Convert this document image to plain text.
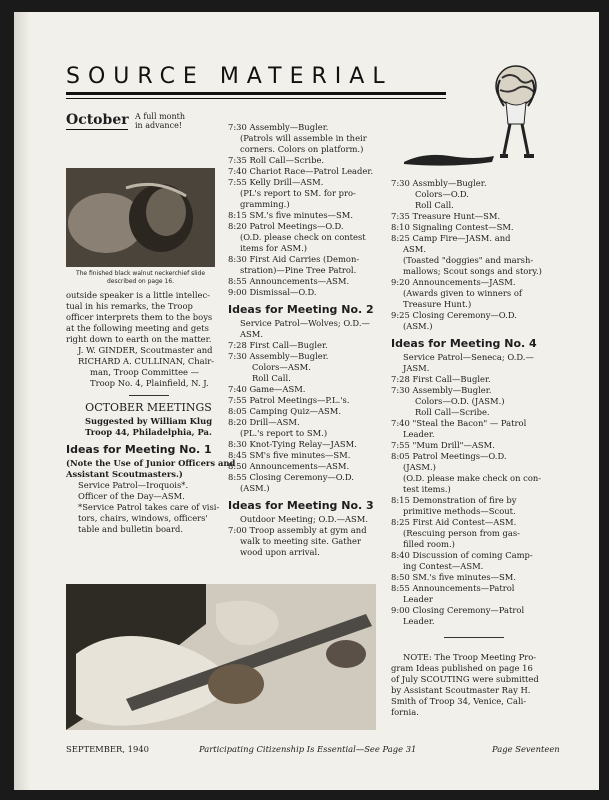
SOURCE MATERIAL
October A full month
in advance!
The finished black walnut neckerchief slide
described on page 16.
outside speaker is a little intellec-
tual in his remarks, the Troop
officer interprets them to the boys
at the following meeting and gets
right down to earth on the matter.
J. W. GINDER, Scoutmaster and
RICHARD A. CULLINAN, Chair-
man, Troop Committee —
Troop No. 4, Plainfield, N. J.
OCTOBER MEETINGS
Suggested by William Klug
Troop 44, Philadelphia, Pa.
Ideas for Meeting No. 1
(Note the Use of Junior Officers and
Assistant Scoutmasters.)
Service Patrol—Iroquois*.
Officer of the Day—ASM.
*Service Patrol takes care of visi-
tors, chairs, windows, officers'
table and bulletin board.
7:30 Assembly—Bugler.
(Patrols will assemble in their
corners. Colors on platform.)
7:35 Roll Call—Scribe.
7:40 Chariot Race—Patrol Leader.
7:55 Kelly Drill—ASM.
(PL's report to SM. for pro-
gramming.)
8:15 SM.'s five minutes—SM.
8:20 Patrol Meetings—O.D.
(O.D. please check on contest
items for ASM.)
8:30 First Aid Carries (Demon-
stration)—Pine Tree Patrol.
8:55 Announcements—ASM.
9:00 Dismissal—O.D.
Ideas for Meeting No. 2
Service Patrol—Wolves; O.D.—
ASM.
7:28 First Call—Bugler.
7:30 Assembly—Bugler.
Colors—ASM.
Roll Call.
7:40 Game—ASM.
7:55 Patrol Meetings—P.L.'s.
8:05 Camping Quiz—ASM.
8:20 Drill—ASM.
(PL.'s report to SM.)
8:30 Knot-Tying Relay—JASM.
8:45 SM's five minutes—SM.
8:50 Announcements—ASM.
8:55 Closing Ceremony—O.D.
(ASM.)
Ideas for Meeting No. 3
Outdoor Meeting; O.D.—ASM.
7:00 Troop assembly at gym and
walk to meeting site. Gather
wood upon arrival.
7:30 Assmbly—Bugler.
Colors—O.D.
Roll Call.
7:35 Treasure Hunt—SM.
8:10 Signaling Contest—SM.
8:25 Camp Fire—JASM. and
ASM.
(Toasted "doggies" and marsh-
mallows; Scout songs and story.)
9:20 Announcements—JASM.
(Awards given to winners of
Treasure Hunt.)
9:25 Closing Ceremony—O.D.
(ASM.)
Ideas for Meeting No. 4
Service Patrol—Seneca; O.D.—
JASM.
7:28 First Call—Bugler.
7:30 Assembly—Bugler.
Colors—O.D. (JASM.)
Roll Call—Scribe.
7:40 "Steal the Bacon" — Patrol
Leader.
7:55 "Mum Drill"—ASM.
8:05 Patrol Meetings—O.D.
(JASM.)
(O.D. please make check on con-
test items.)
8:15 Demonstration of fire by
primitive methods—Scout.
8:25 First Aid Contest—ASM.
(Rescuing person from gas-
filled room.)
8:40 Discussion of coming Camp-
ing Contest—ASM.
8:50 SM.'s five minutes—SM.
8:55 Announcements—Patrol
Leader
9:00 Closing Ceremony—Patrol
Leader.
NOTE: The Troop Meeting Pro-
gram Ideas published on page 16
of July SCOUTING were submitted
by Assistant Scoutmaster Ray H.
Smith of Troop 34, Venice, Cali-
fornia.
SEPTEMBER, 1940	Participating Citizenship Is Essential—See Page 31	Page Seventeen
